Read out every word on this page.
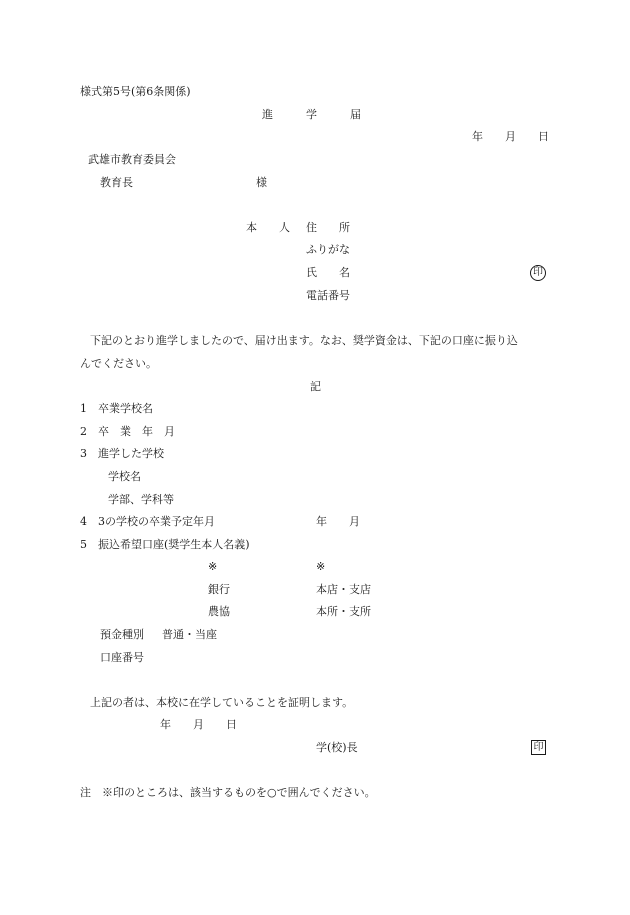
様式第5号(第6条関係)
進　　　学　　　届
年　　月　　日
武雄市教育委員会
教育長	様
本　　人 住　　所
ふりがな
氏　　名	印
電話番号
下記のとおり進学しましたので、届け出ます。なお、奨学資金は、下記の口座に振り込
んでください。
記
1　卒業学校名
2　卒　業　年　月
3　進学した学校
学校名
学部、学科等
4　3の学校の卒業予定年月	年　　月
5　振込希望口座(奨学生本人名義)
※	※
銀行	本店・支店
農協	本所・支所
預金種別 普通・当座
口座番号
上記の者は、本校に在学していることを証明します。
年　　月　　日
学(校)長	印
注　※印のところは、該当するものを○で囲んでください。
